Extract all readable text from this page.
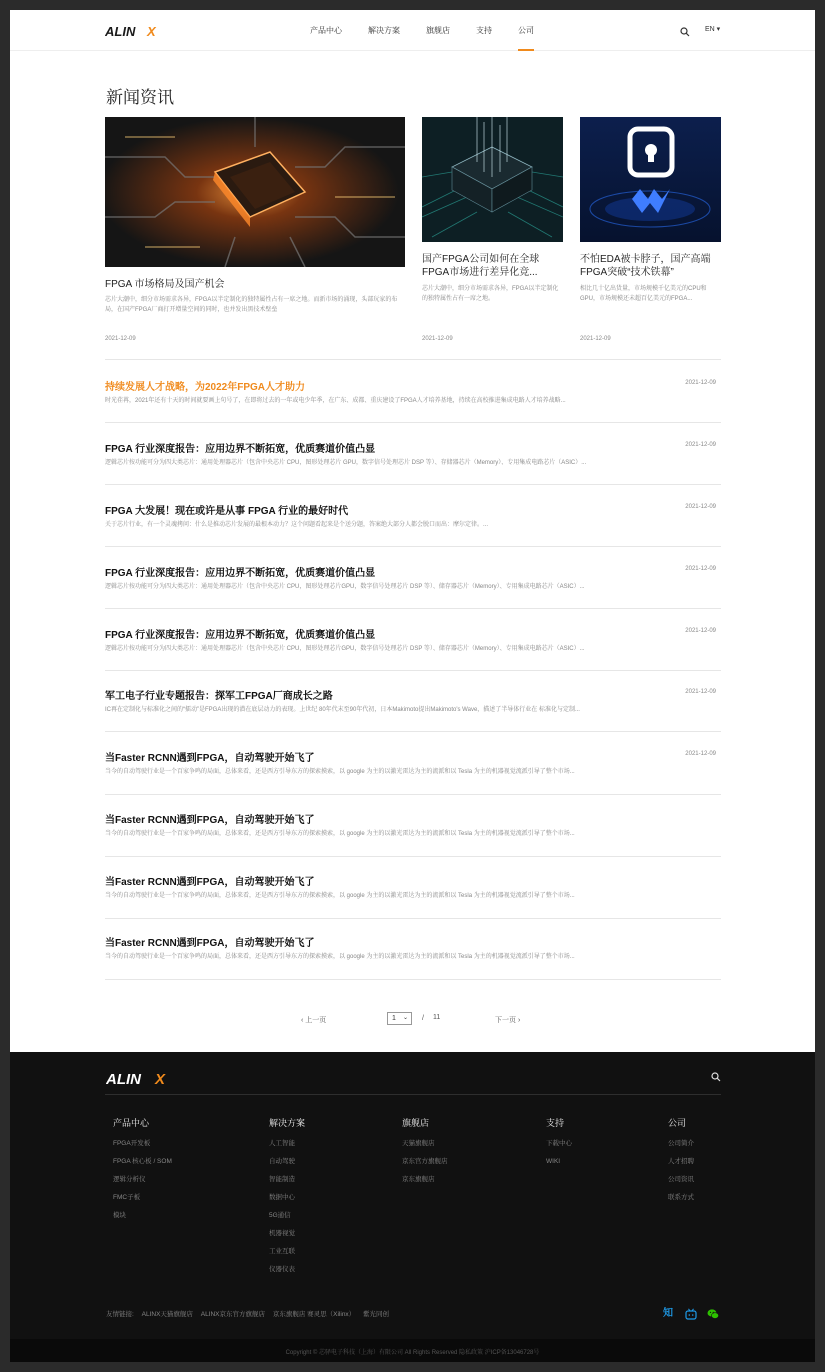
ALIN X	产品中心	解决方案	旗舰店	支持	公司	EN ▾
新闻资讯
FPGA 市场格局及国产机会
芯片大潮中，细分市场需求各异，FPGA以半定制化的独特属性占有一席之地。而新市场的涌现，头部玩家的布局，在国产FPGA厂商打开增量空间的同时，也并发出黑技术壁垒
2021-12-09
国产FPGA公司如何在全球FPGA市场进行差异化竞...
芯片大潮中，细分市场需求各异，FPGA以半定制化的独特属性占有一席之地。
2021-12-09
不怕EDA被卡脖子，国产高端FPGA突破“技术铁幕”
相比几十亿出货量，市场规模千亿美元的CPU和GPU，市场规模还未超百亿美元的FPGA...
2021-12-09
持续发展人才战略，为2022年FPGA人才助力
时光荏苒，2021年还有十天的时间就要画上句号了，在即将过去的一年或电少年季，在广东、成都、重庆建设了FPGA人才培养基地，持续在高校推进集成电路人才培养战略...
2021-12-09
FPGA 行业深度报告：应用边界不断拓宽，优质赛道价值凸显
逻辑芯片按功能可分为四大类芯片：通用处理器芯片（包含中央芯片 CPU，图形处理芯片 GPU，数字信号处理芯片 DSP 等）、存储器芯片（Memory）、专用集成电路芯片（ASIC）...
2021-12-09
FPGA 大发展！现在或许是从事 FPGA 行业的最好时代
关于芯片行业，有一个灵魂拷问：什么是推动芯片发展的最根本动力？这个问题看起来是个送分题，答案绝大部分人都会脱口而出：摩尔定律。...
2021-12-09
FPGA 行业深度报告：应用边界不断拓宽，优质赛道价值凸显
逻辑芯片按功能可分为四大类芯片：通用处理器芯片（包含中央芯片 CPU，图形处理芯片GPU，数字信号处理芯片 DSP 等）、储存器芯片（Memory）、专用集成电路芯片（ASIC）...
2021-12-09
FPGA 行业深度报告：应用边界不断拓宽，优质赛道价值凸显
逻辑芯片按功能可分为四大类芯片：通用处理器芯片（包含中央芯片 CPU，图形处理芯片GPU，数字信号处理芯片 DSP 等）、储存器芯片（Memory）、专用集成电路芯片（ASIC）...
2021-12-09
军工电子行业专题报告：探军工FPGA厂商成长之路
IC再在定制化与标准化之间的“擂动”是FPGA出现的潜在底层动力的表现。上世纪 80年代末至90年代初，日本Makimoto提出Makimoto's Wave，描述了半导体行业在 标准化与定制...
2021-12-09
当Faster RCNN遇到FPGA，自动驾驶开始飞了
当今的自动驾驶行业是一个百家争鸣的局面，总体来看，还是西方引导东方的探索摸索，以 google 为主的以激光雷达为主的流派和以 Tesla 为主的机器视觉流派引导了整个市场...
2021-12-09
当Faster RCNN遇到FPGA，自动驾驶开始飞了
当今的自动驾驶行业是一个百家争鸣的局面，总体来看，还是西方引导东方的探索摸索，以 google 为主的以激光雷达为主的流派和以 Tesla 为主的机器视觉流派引导了整个市场...
当Faster RCNN遇到FPGA，自动驾驶开始飞了
当今的自动驾驶行业是一个百家争鸣的局面，总体来看，还是西方引导东方的探索摸索，以 google 为主的以激光雷达为主的流派和以 Tesla 为主的机器视觉流派引导了整个市场...
当Faster RCNN遇到FPGA，自动驾驶开始飞了
当今的自动驾驶行业是一个百家争鸣的局面，总体来看，还是西方引导东方的探索摸索，以 google 为主的以激光雷达为主的流派和以 Tesla 为主的机器视觉流派引导了整个市场...
‹ 上一页	1 ⌄ / 11	下一页 ›
ALIN X
产品中心
FPGA开发板
FPGA 核心板 / SOM
逻辑分析仪
FMC子板
模块
解决方案
人工智能
自动驾驶
智能制造
数据中心
5G通信
机器视觉
工业互联
仪器仪表
旗舰店
天猫旗舰店
京东官方旗舰店
京东旗舰店
支持
下载中心
WIKI
公司
公司简介
人才招聘
公司资讯
联系方式
友情链接: ALINX天猫旗舰店 ALINX京东官方旗舰店 京东旗舰店 赛灵思（Xilinx） 紫光同创	知
Copyright © 芯驿电子科技（上海）有限公司 All Rights Reserved 隐私政策 沪ICP备13046728号
